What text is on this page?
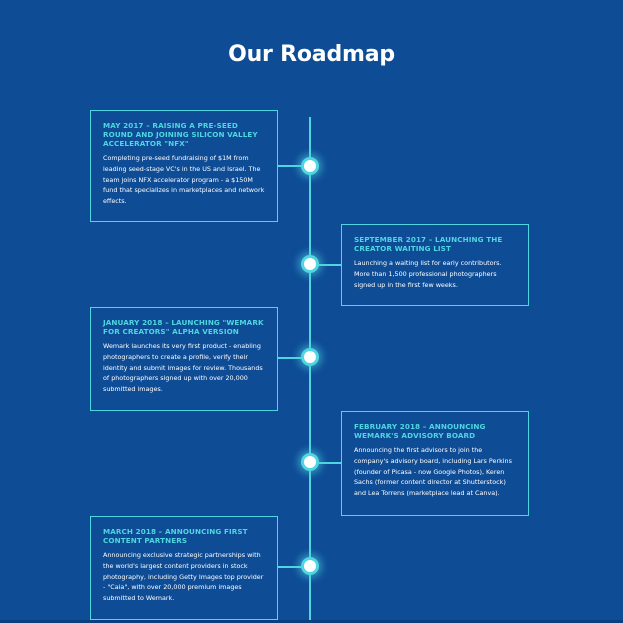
Our Roadmap
MAY 2017 – RAISING A PRE-SEED ROUND AND JOINING SILICON VALLEY ACCELERATOR "NFX"
Completing pre-seed fundraising of $1M from leading seed-stage VC's in the US and Israel. The team joins NFX accelerator program - a $150M fund that specializes in marketplaces and network effects.
SEPTEMBER 2017 – LAUNCHING THE CREATOR WAITING LIST
Launching a waiting list for early contributors. More than 1,500 professional photographers signed up in the first few weeks.
JANUARY 2018 – LAUNCHING "WEMARK FOR CREATORS" ALPHA VERSION
Wemark launches its very first product - enabling photographers to create a profile, verify their identity and submit images for review. Thousands of photographers signed up with over 20,000 submitted images.
FEBRUARY 2018 – ANNOUNCING WEMARK'S ADVISORY BOARD
Announcing the first advisors to join the company's advisory board, including Lars Perkins (founder of Picasa - now Google Photos), Keren Sachs (former content director at Shutterstock) and Lea Torrens (marketplace lead at Canva).
MARCH 2018 – ANNOUNCING FIRST CONTENT PARTNERS
Announcing exclusive strategic partnerships with the world's largest content providers in stock photography, including Getty Images top provider - "Caia", with over 20,000 premium images submitted to Wemark.
